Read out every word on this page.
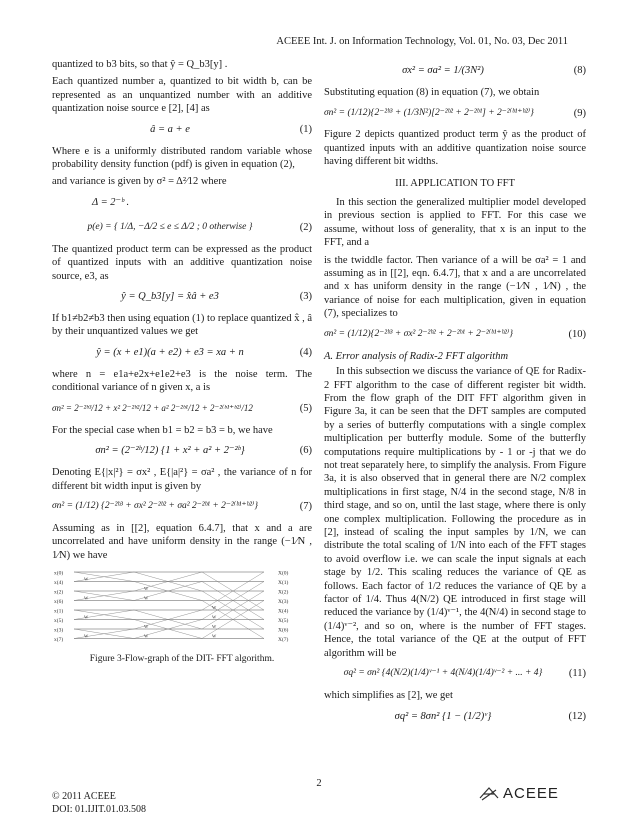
ACEEE Int. J. on Information Technology, Vol. 01, No. 03, Dec 2011

quantized to b3 bits, so that ŷ = Q_b3[y] .

Each quantized number a, quantized to bit width b, can be represented as an unquantized number with an additive quantization noise source e [2], [4] as

â = a + e	(1)

Where e is a uniformly distributed random variable whose probability density function (pdf) is given in equation (2),

and variance is given by σ² = Δ²⁄12 where

Δ = 2⁻ᵇ .
p(e) = { 1/Δ, −Δ/2 ≤ e ≤ Δ/2 ; 0 otherwise }	(2)

The quantized product term can be expressed as the product of quantized inputs with an additive quantization noise source, e3, as

ŷ = Q_b3[y] = x̂â + e3	(3)

If b1≠b2≠b3 then using equation (1) to replace quantized x̂ , â by their unquantized values we get

ŷ = (x + e1)(a + e2) + e3 = xa + n	(4)

where n = e1a+e2x+e1e2+e3 is the noise term. The conditional variance of n given x, a is

σn² = 2⁻²ᵇ³/12 + x² 2⁻²ᵇ²/12 + a² 2⁻²ᵇ¹/12 + 2⁻²⁽ᵇ¹⁺ᵇ²⁾/12	(5)

For the special case when b1 = b2 = b3 = b, we have

σn² = (2⁻²ᵇ/12) {1 + x² + a² + 2⁻²ᵇ}	(6)

Denoting E{|x|²} = σx² , E{|a|²} = σa² , the variance of n for different bit width input is given by

σn² = (1/12) {2⁻²ᵇ³ + σx² 2⁻²ᵇ² + σa² 2⁻²ᵇ¹ + 2⁻²⁽ᵇ¹⁺ᵇ²⁾}	(7)

Assuming as in [[2], equation 6.4.7], that x and a are uncorrelated and have uniform density in the range (−1⁄N , 1⁄N) we have

x(0)	X(0)
x(4)	X(1)
x(2)	X(2)
x(6)	X(3)
x(1)	X(4)
x(5)	X(5)
x(3)	X(6)
x(7)	X(7)
W
W
W
W
W
W
W
W
W
W
W
W
Figure 3-Flow-graph of the DIT- FFT algorithm.
σx² = σa² = 1/(3N²)	(8)

Substituting equation (8) in equation (7), we obtain

σn² = (1/12){2⁻²ᵇ³ + (1/3N²)[2⁻²ᵇ² + 2⁻²ᵇ¹] + 2⁻²⁽ᵇ¹⁺ᵇ²⁾}	(9)

Figure 2 depicts quantized product term ŷ as the product of quantized inputs with an additive quantization noise source having different bit widths.

III. APPLICATION TO FFT

In this section the generalized multiplier model developed in previous section is applied to FFT. For this case we assume, without loss of generality, that x is an input to the FFT, and a

is the twiddle factor. Then variance of a will be σa² = 1 and assuming as in [[2], eqn. 6.4.7], that x and a are uncorrelated and x has uniform density in the range (−1⁄N , 1⁄N) , the variance of noise for each multiplication, given in equation (7), specializes to

σn² = (1/12){2⁻²ᵇ³ + σx² 2⁻²ᵇ² + 2⁻²ᵇ¹ + 2⁻²⁽ᵇ¹⁺ᵇ²⁾}	(10)
A. Error analysis of Radix-2 FFT algorithm

In this subsection we discuss the variance of QE for Radix-2 FFT algorithm to the case of different register bit width. From the flow graph of the DIT FFT algorithm given in Figure 3a, it can be seen that the DFT samples are computed by a series of butterfly computations with a single complex multiplication per butterfly module. Some of the butterfly computations require multiplications by - 1 or -j that we do not treat separately here, to simplify the analysis. From Figure 3a, it is also observed that in general there are N/2 complex multiplications in first stage, N/4 in the second stage, N/8 in third stage, and so on, until the last stage, where there is only one complex multiplication. Following the procedure as in [2], instead of scaling the input samples by 1/N, we can distribute the total scaling of 1/N into each of the FFT stages to avoid overflow i.e. we can scale the input signals at each stage by 1/2. This scaling reduces the variance of QE as follows. Each factor of 1/2 reduces the variance of QE by a factor of 1/4. Thus 4(N/2) QE introduced in first stage will reduced the variance by (1/4)ᵛ⁻¹, the 4(N/4) in second stage to (1/4)ᵛ⁻², and so on, where is the number of FFT stages. Hence, the total variance of the QE at the output of FFT algorithm will be

σq² = σn² {4(N/2)(1/4)ᵛ⁻¹ + 4(N/4)(1/4)ᵛ⁻² + ... + 4}	(11)

which simplifies as [2], we get

σq² = 8σn² {1 − (1/2)ᵛ}	(12)
2
© 2011 ACEEE
DOI: 01.IJIT.01.03.508
ACEEE
